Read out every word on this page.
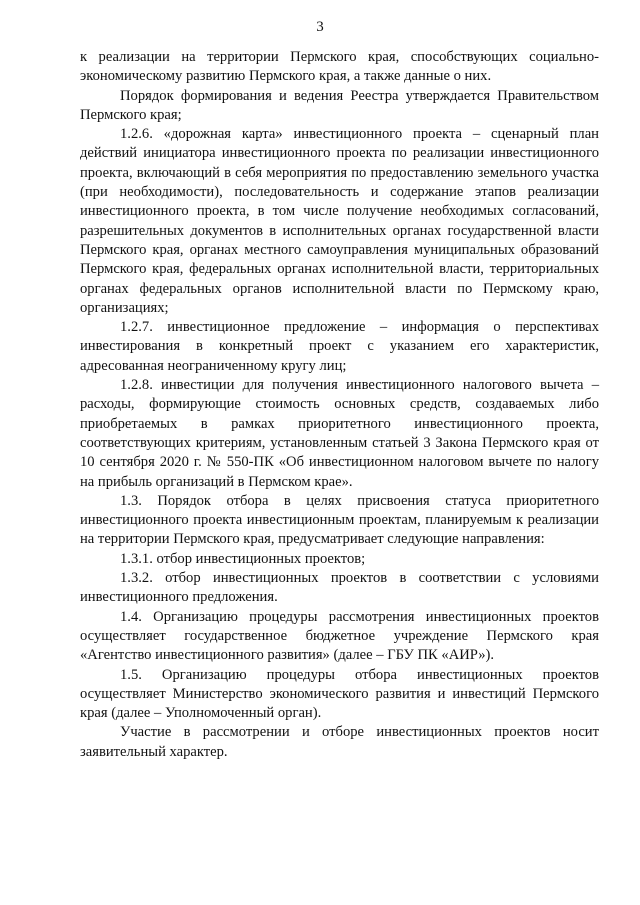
3

к реализации на территории Пермского края, способствующих социально-экономическому развитию Пермского края, а также данные о них.

Порядок формирования и ведения Реестра утверждается Правительством Пермского края;

1.2.6. «дорожная карта» инвестиционного проекта – сценарный план действий инициатора инвестиционного проекта по реализации инвестиционного проекта, включающий в себя мероприятия по предоставлению земельного участка (при необходимости), последовательность и содержание этапов реализации инвестиционного проекта, в том числе получение необходимых согласований, разрешительных документов в исполнительных органах государственной власти Пермского края, органах местного самоуправления муниципальных образований Пермского края, федеральных органах исполнительной власти, территориальных органах федеральных органов исполнительной власти по Пермскому краю, организациях;

1.2.7. инвестиционное предложение – информация о перспективах инвестирования в конкретный проект с указанием его характеристик, адресованная неограниченному кругу лиц;

1.2.8. инвестиции для получения инвестиционного налогового вычета – расходы, формирующие стоимость основных средств, создаваемых либо приобретаемых в рамках приоритетного инвестиционного проекта, соответствующих критериям, установленным статьей 3 Закона Пермского края от 10 сентября 2020 г. № 550-ПК «Об инвестиционном налоговом вычете по налогу на прибыль организаций в Пермском крае».

1.3. Порядок отбора в целях присвоения статуса приоритетного инвестиционного проекта инвестиционным проектам, планируемым к реализации на территории Пермского края, предусматривает следующие направления:

1.3.1. отбор инвестиционных проектов;

1.3.2. отбор инвестиционных проектов в соответствии с условиями инвестиционного предложения.

1.4. Организацию процедуры рассмотрения инвестиционных проектов осуществляет государственное бюджетное учреждение Пермского края «Агентство инвестиционного развития» (далее – ГБУ ПК «АИР»).

1.5. Организацию процедуры отбора инвестиционных проектов осуществляет Министерство экономического развития и инвестиций Пермского края (далее – Уполномоченный орган).

Участие в рассмотрении и отборе инвестиционных проектов носит заявительный характер.
